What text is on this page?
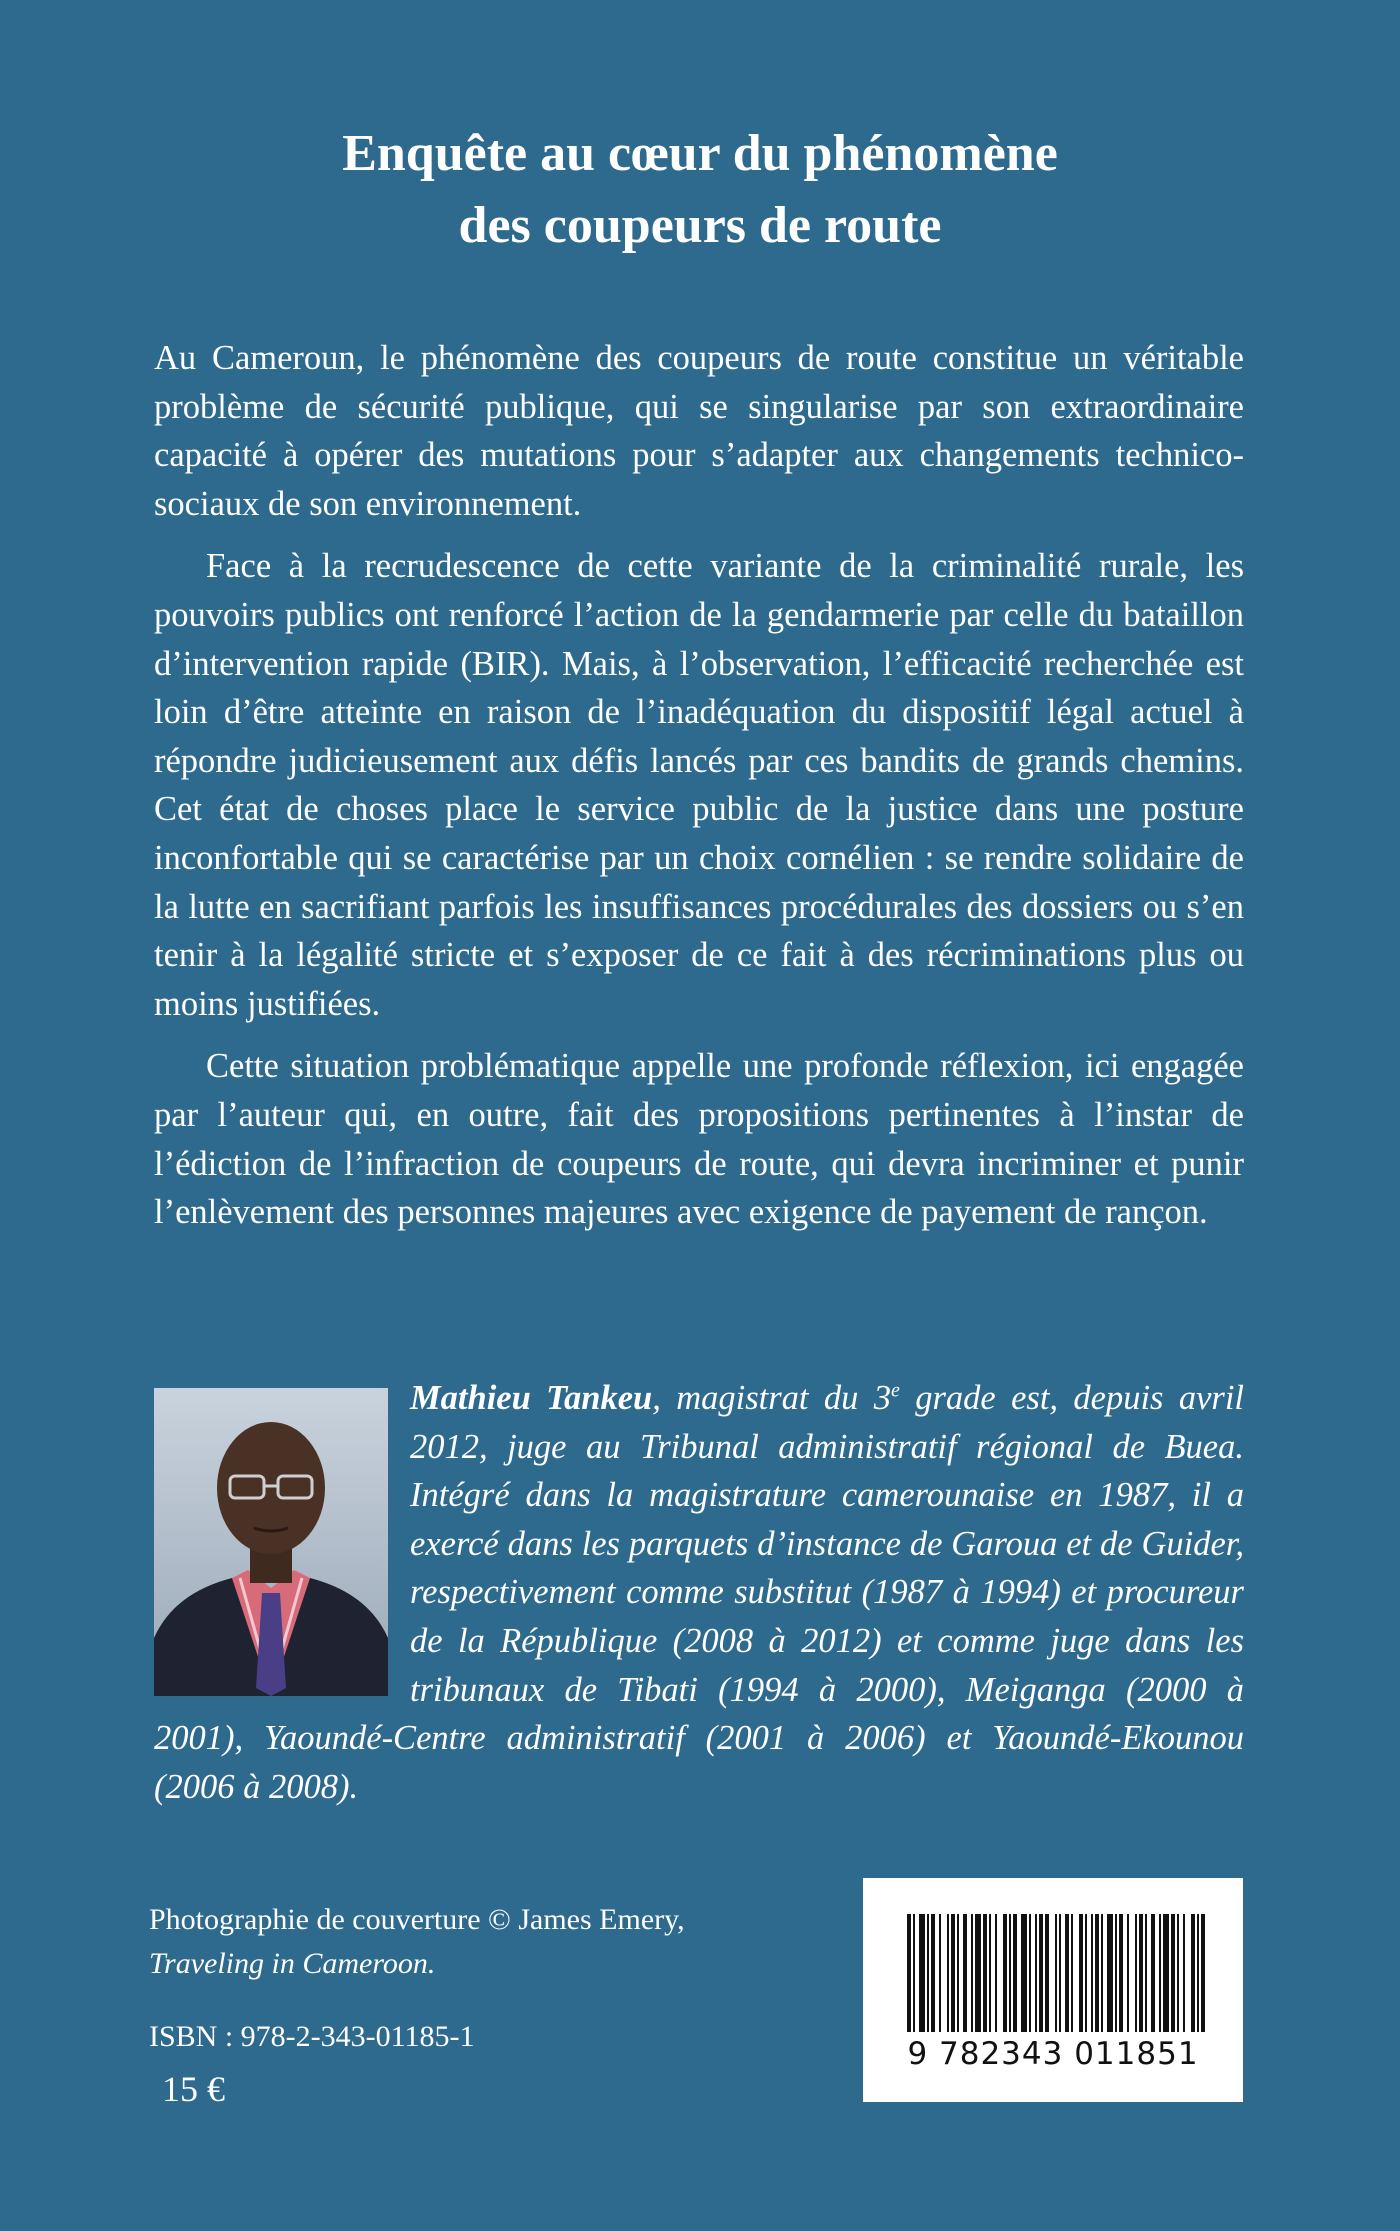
Enquête au cœur du phénomène
des coupeurs de route

Au Cameroun, le phénomène des coupeurs de route constitue un véritable problème de sécurité publique, qui se singularise par son extraordinaire capacité à opérer des mutations pour s’adapter aux changements technico-sociaux de son environnement.

Face à la recrudescence de cette variante de la criminalité rurale, les pouvoirs publics ont renforcé l’action de la gendarmerie par celle du bataillon d’intervention rapide (BIR). Mais, à l’observation, l’efficacité recherchée est loin d’être atteinte en raison de l’inadéquation du dispositif légal actuel à répondre judicieusement aux défis lancés par ces bandits de grands chemins. Cet état de choses place le service public de la justice dans une posture inconfortable qui se caractérise par un choix cornélien : se rendre solidaire de la lutte en sacrifiant parfois les insuffisances procédurales des dossiers ou s’en tenir à la légalité stricte et s’exposer de ce fait à des récriminations plus ou moins justifiées.

Cette situation problématique appelle une profonde réflexion, ici engagée par l’auteur qui, en outre, fait des propositions pertinentes à l’instar de l’édiction de l’infraction de coupeurs de route, qui devra incriminer et punir l’enlèvement des personnes majeures avec exigence de payement de rançon.

Mathieu Tankeu, magistrat du 3e grade est, depuis avril 2012, juge au Tribunal administratif régional de Buea. Intégré dans la magistrature camerounaise en 1987, il a exercé dans les parquets d’instance de Garoua et de Guider, respectivement comme substitut (1987 à 1994) et procureur de la République (2008 à 2012) et comme juge dans les tribunaux de Tibati (1994 à 2000), Meiganga (2000 à 2001), Yaoundé-Centre administratif (2001 à 2006) et Yaoundé-Ekounou (2006 à 2008).
Photographie de couverture © James Emery,
Traveling in Cameroon.
ISBN : 978-2-343-01185-1
15 €
9 782343 011851
